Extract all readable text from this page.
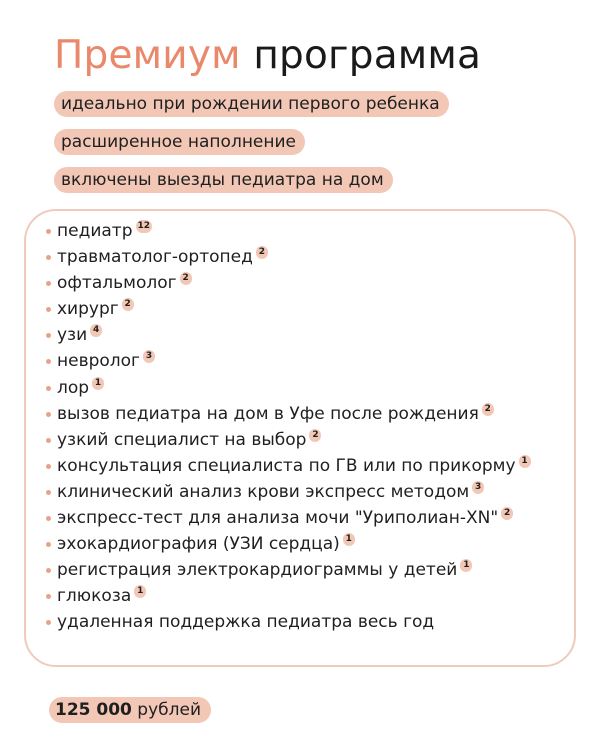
Премиум программа
идеально при рождении первого ребенка
расширенное наполнение
включены выезды педиатра на дом
педиатр 12
травматолог-ортопед 2
офтальмолог 2
хирург 2
узи 4
невролог 3
лор 1
вызов педиатра на дом в Уфе после рождения 2
узкий специалист на выбор 2
консультация специалиста по ГВ или по прикорму 1
клинический анализ крови экспресс методом 3
экспресс-тест для анализа мочи "Уриполиан-XN" 2
эхокардиография (УЗИ сердца) 1
регистрация электрокардиограммы у детей 1
глюкоза 1
удаленная поддержка педиатра весь год
125 000 рублей
